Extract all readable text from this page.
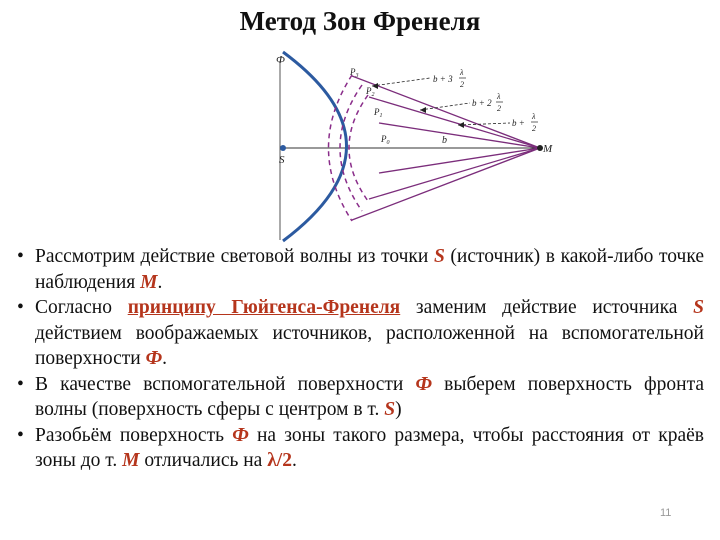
Метод Зон Френеля
Ф
S
M
$P_3$
$P_2$
$P_1$
$P_0$	b
b + 3
λ
2
b + 2
λ
2
b +
λ
2
• Рассмотрим действие световой волны из точки S (источник) в какой-либо точке наблюдения M.
• Согласно принципу Гюйгенса-Френеля заменим действие источника S действием воображаемых источников, расположенной на вспомогательной поверхности Ф.
• В качестве вспомогательной поверхности Ф выберем поверхность фронта волны (поверхность сферы с центром в т. S)
• Разобьём поверхность Ф на зоны такого размера, чтобы расстояния от краёв зоны до т. M отличались на λ/2.
11
